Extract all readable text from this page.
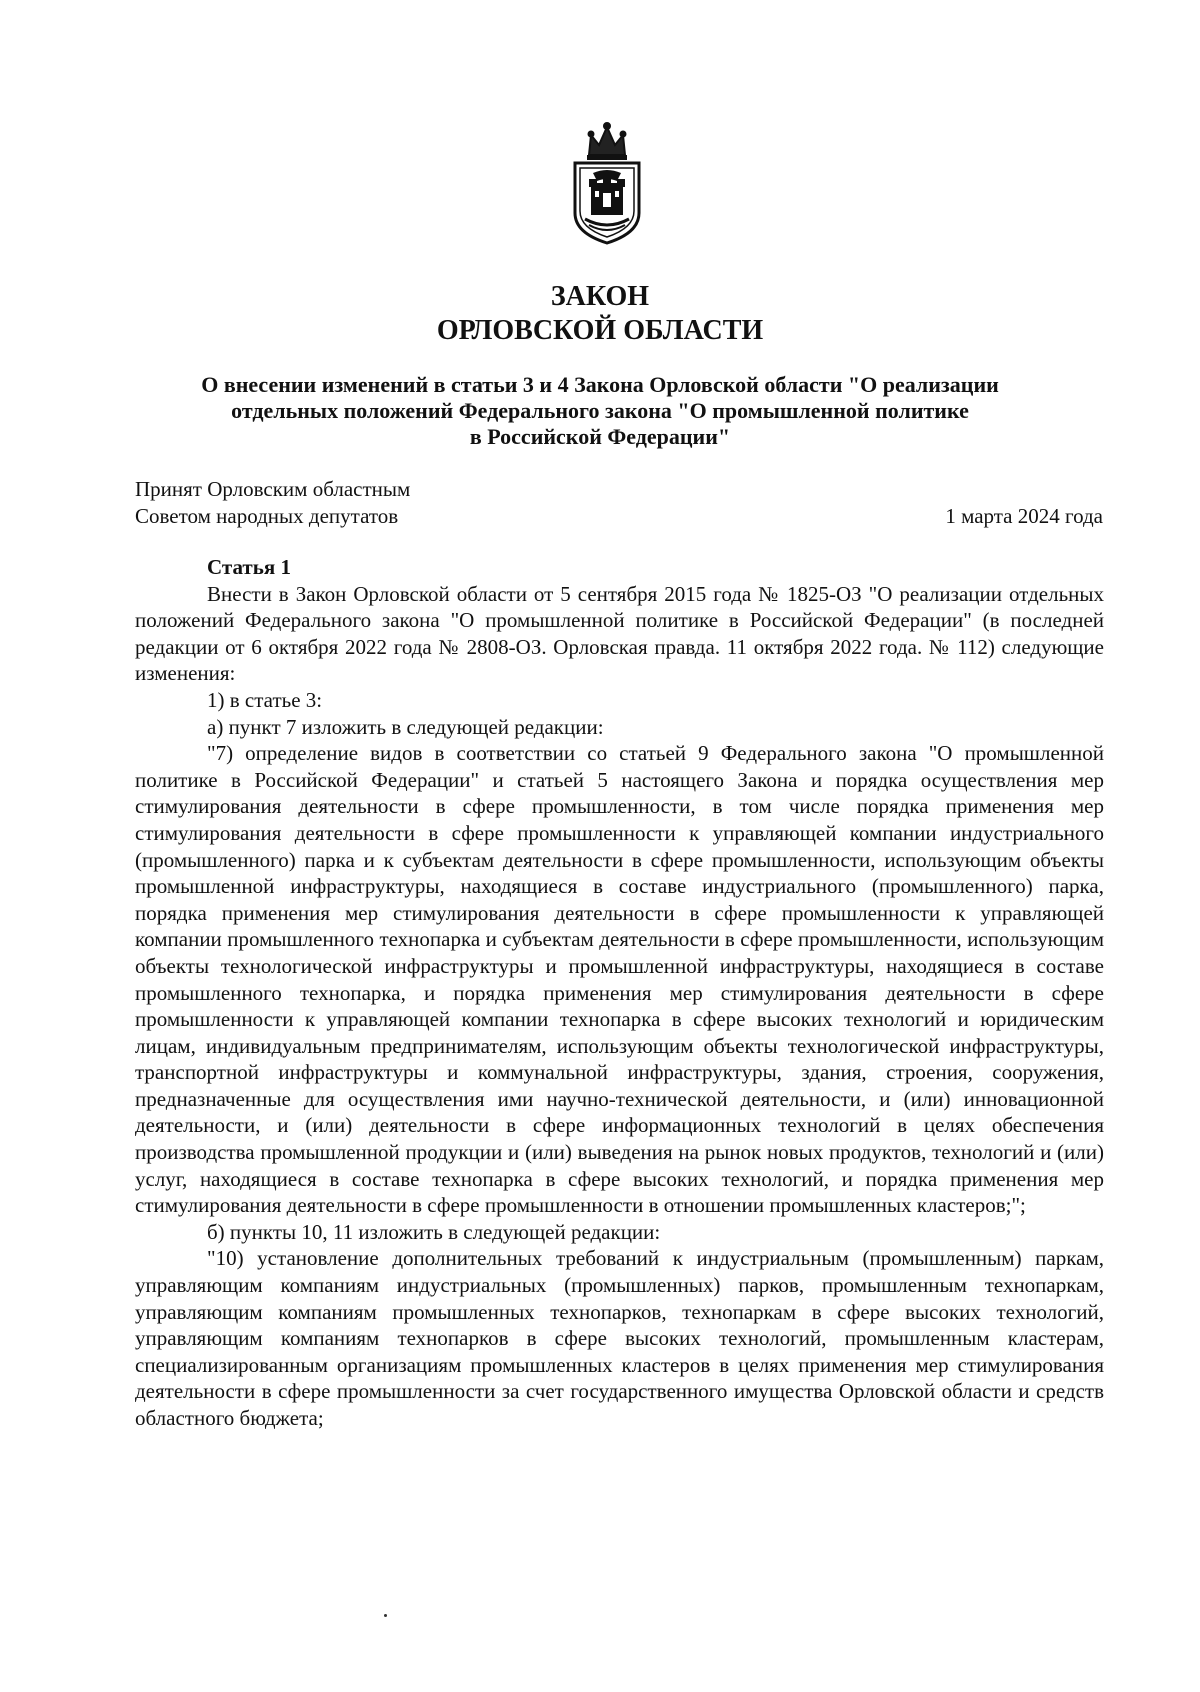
ЗАКОН
ОРЛОВСКОЙ ОБЛАСТИ
О внесении изменений в статьи 3 и 4 Закона Орловской области "О реализации
отдельных положений Федерального закона "О промышленной политике
в Российской Федерации"
Принят Орловским областным
Советом народных депутатов	1 марта 2024 года
Статья 1

Внести в Закон Орловской области от 5 сентября 2015 года № 1825-ОЗ "О реализации отдельных положений Федерального закона "О промышленной политике в Российской Федерации" (в последней редакции от 6 октября 2022 года № 2808-ОЗ. Орловская правда. 11 октября 2022 года. № 112) следующие изменения:

1) в статье 3:
а) пункт 7 изложить в следующей редакции:

"7) определение видов в соответствии со статьей 9 Федерального закона "О промышленной политике в Российской Федерации" и статьей 5 настоящего Закона и порядка осуществления мер стимулирования деятельности в сфере промышленности, в том числе порядка применения мер стимулирования деятельности в сфере промышленности к управляющей компании индустриального (промышленного) парка и к субъектам деятельности в сфере промышленности, использующим объекты промышленной инфраструктуры, находящиеся в составе индустриального (промышленного) парка, порядка применения мер стимулирования деятельности в сфере промышленности к управляющей компании промышленного технопарка и субъектам деятельности в сфере промышленности, использующим объекты технологической инфраструктуры и промышленной инфраструктуры, находящиеся в составе промышленного технопарка, и порядка применения мер стимулирования деятельности в сфере промышленности к управляющей компании технопарка в сфере высоких технологий и юридическим лицам, индивидуальным предпринимателям, использующим объекты технологической инфраструктуры, транспортной инфраструктуры и коммунальной инфраструктуры, здания, строения, сооружения, предназначенные для осуществления ими научно-технической деятельности, и (или) инновационной деятельности, и (или) деятельности в сфере информационных технологий в целях обеспечения производства промышленной продукции и (или) выведения на рынок новых продуктов, технологий и (или) услуг, находящиеся в составе технопарка в сфере высоких технологий, и порядка применения мер стимулирования деятельности в сфере промышленности в отношении промышленных кластеров;";

б) пункты 10, 11 изложить в следующей редакции:

"10) установление дополнительных требований к индустриальным (промышленным) паркам, управляющим компаниям индустриальных (промышленных) парков, промышленным технопаркам, управляющим компаниям промышленных технопарков, технопаркам в сфере высоких технологий, управляющим компаниям технопарков в сфере высоких технологий, промышленным кластерам, специализированным организациям промышленных кластеров в целях применения мер стимулирования деятельности в сфере промышленности за счет государственного имущества Орловской области и средств областного бюджета;
